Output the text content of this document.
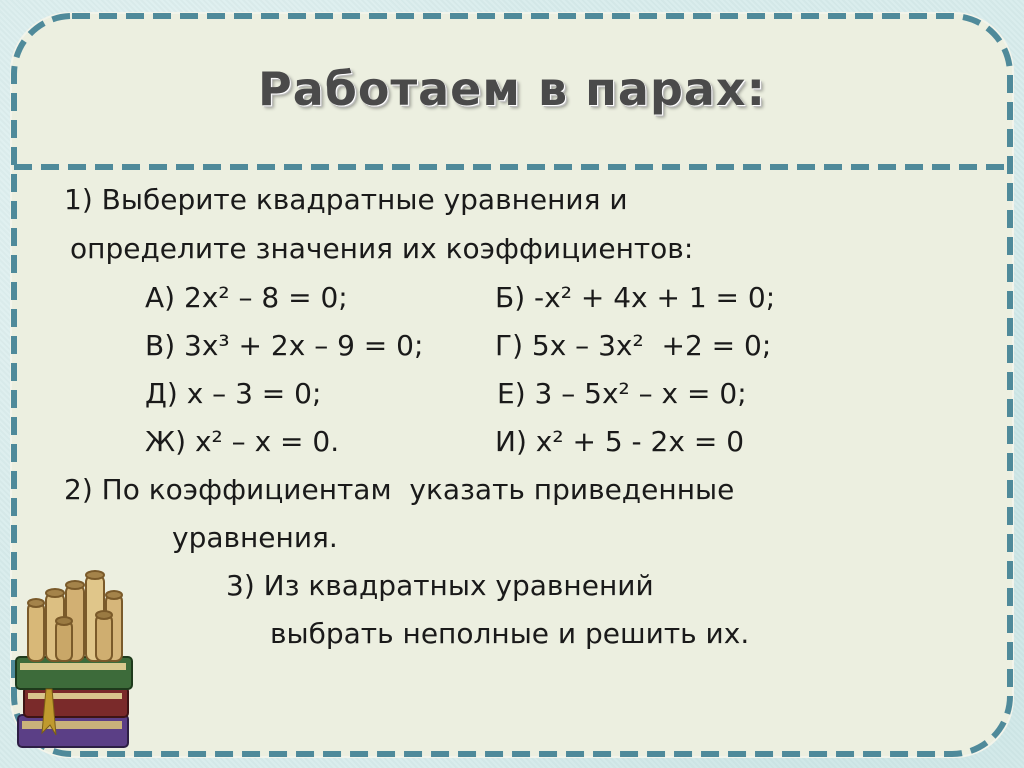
Работаем в парах:
1) Выберите квадратные уравнения и
определите значения их коэффициентов:
А) 2х² – 8 = 0;	Б) -х² + 4х + 1 = 0;
В) 3х³ + 2х – 9 = 0;	Г) 5х – 3х²  +2 = 0;
Д) х – 3 = 0;	Е) 3 – 5х² – х = 0;
Ж) х² – х = 0.	И) х² + 5 - 2х = 0
2) По коэффициентам  указать приведенные
уравнения.
3) Из квадратных уравнений
выбрать неполные и решить их.
